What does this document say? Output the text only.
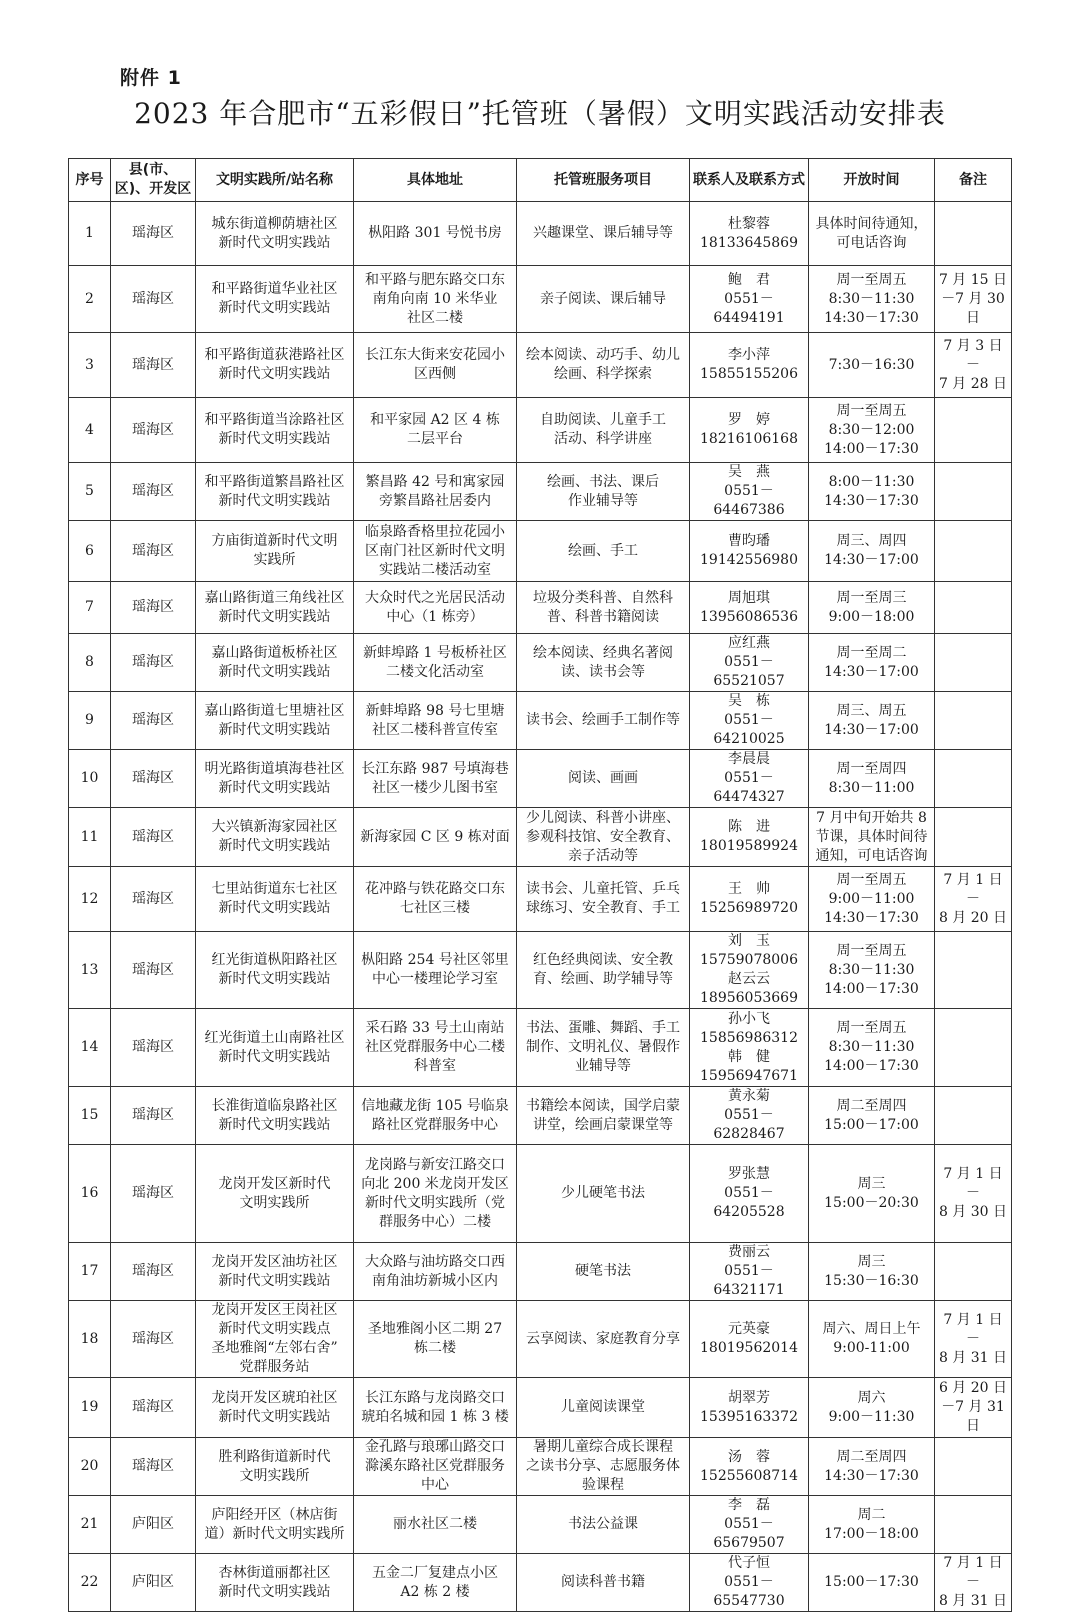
附件 1
2023 年合肥市“五彩假日”托管班（暑假）文明实践活动安排表
序号	县(市、区)、开发区	文明实践所/站名称	具体地址	托管班服务项目	联系人及联系方式	开放时间	备注
1	瑶海区	城东街道柳荫塘社区
新时代文明实践站	枞阳路 301 号悦书房	兴趣课堂、课后辅导等	杜黎蓉
18133645869	具体时间待通知，
可电话咨询	
2	瑶海区	和平路街道华业社区
新时代文明实践站	和平路与肥东路交口东
南角向南 10 米华业
社区二楼	亲子阅读、课后辅导	鲍　君
0551－64494191	周一至周五
8:30－11:30
14:30－17:30	7 月 15 日
－7 月 30
日
3	瑶海区	和平路街道荻港路社区
新时代文明实践站	长江东大街来安花园小
区西侧	绘本阅读、动巧手、幼儿
绘画、科学探索	李小萍
15855155206	7:30－16:30	7 月 3 日－
7 月 28 日
4	瑶海区	和平路街道当涂路社区
新时代文明实践站	和平家园 A2 区 4 栋
二层平台	自助阅读、儿童手工
活动、科学讲座	罗　婷
18216106168	周一至周五
8:30－12:00
14:00－17:30	
5	瑶海区	和平路街道繁昌路社区
新时代文明实践站	繁昌路 42 号和寓家园
旁繁昌路社居委内	绘画、书法、课后
作业辅导等	吴　燕
0551－64467386	8:00－11:30
14:30－17:30	
6	瑶海区	方庙街道新时代文明
实践所	临泉路香格里拉花园小
区南门社区新时代文明
实践站二楼活动室	绘画、手工	曹昀璠
19142556980	周三、周四
14:30－17:00	
7	瑶海区	嘉山路街道三角线社区
新时代文明实践站	大众时代之光居民活动
中心（1 栋旁）	垃圾分类科普、自然科
普、科普书籍阅读	周旭琪
13956086536	周一至周三
9:00－18:00	
8	瑶海区	嘉山路街道板桥社区
新时代文明实践站	新蚌埠路 1 号板桥社区
二楼文化活动室	绘本阅读、经典名著阅
读、读书会等	应红燕
0551－65521057	周一至周二
14:30－17:00	
9	瑶海区	嘉山路街道七里塘社区
新时代文明实践站	新蚌埠路 98 号七里塘
社区二楼科普宣传室	读书会、绘画手工制作等	吴　栋
0551－64210025	周三、周五
14:30－17:00	
10	瑶海区	明光路街道填海巷社区
新时代文明实践站	长江东路 987 号填海巷
社区一楼少儿图书室	阅读、画画	李晨晨
0551－64474327	周一至周四
8:30－11:00	
11	瑶海区	大兴镇新海家园社区
新时代文明实践站	新海家园 C 区 9 栋对面	少儿阅读、科普小讲座、
参观科技馆、安全教育、
亲子活动等	陈　进
18019589924	7 月中旬开始共 8
节课，具体时间待
通知，可电话咨询	
12	瑶海区	七里站街道东七社区
新时代文明实践站	花冲路与铁花路交口东
七社区三楼	读书会、儿童托管、乒乓
球练习、安全教育、手工	王　帅
15256989720	周一至周五
9:00－11:00
14:30－17:30	7 月 1 日－
8 月 20 日
13	瑶海区	红光街道枞阳路社区
新时代文明实践站	枞阳路 254 号社区邻里
中心一楼理论学习室	红色经典阅读、安全教
育、绘画、助学辅导等	刘　玉
15759078006
赵云云
18956053669	周一至周五
8:30－11:30
14:00－17:30	
14	瑶海区	红光街道土山南路社区
新时代文明实践站	采石路 33 号土山南站
社区党群服务中心二楼
科普室	书法、蛋雕、舞蹈、手工
制作、文明礼仪、暑假作
业辅导等	孙小飞
15856986312
韩　健
15956947671	周一至周五
8:30－11:30
14:00－17:30	
15	瑶海区	长淮街道临泉路社区
新时代文明实践站	信地藏龙街 105 号临泉
路社区党群服务中心	书籍绘本阅读，国学启蒙
讲堂，绘画启蒙课堂等	黄永菊
0551－62828467	周二至周四
15:00－17:00	
16	瑶海区	龙岗开发区新时代
文明实践所	龙岗路与新安江路交口
向北 200 米龙岗开发区
新时代文明实践所（党
群服务中心）二楼	少儿硬笔书法	罗张慧
0551－64205528	周三
15:00－20:30	7 月 1 日－
8 月 30 日
17	瑶海区	龙岗开发区油坊社区
新时代文明实践站	大众路与油坊路交口西
南角油坊新城小区内	硬笔书法	费丽云
0551－64321171	周三
15:30－16:30	
18	瑶海区	龙岗开发区王岗社区
新时代文明实践点
圣地雅阁“左邻右舍”
党群服务站	圣地雅阁小区二期 27
栋二楼	云享阅读、家庭教育分享	元英豪
18019562014	周六、周日上午
9:00-11:00	7 月 1 日－
8 月 31 日
19	瑶海区	龙岗开发区琥珀社区
新时代文明实践站	长江东路与龙岗路交口
琥珀名城和园 1 栋 3 楼	儿童阅读课堂	胡翠芳
15395163372	周六
9:00－11:30	6 月 20 日
－7 月 31
日
20	瑶海区	胜利路街道新时代
文明实践所	金孔路与琅琊山路交口
滁溪东路社区党群服务
中心	暑期儿童综合成长课程
之读书分享、志愿服务体
验课程	汤　蓉
15255608714	周二至周四
14:30－17:30	
21	庐阳区	庐阳经开区（林店街
道）新时代文明实践所	丽水社区二楼	书法公益课	李　磊
0551－65679507	周二
17:00－18:00	
22	庐阳区	杏林街道丽都社区
新时代文明实践站	五金二厂复建点小区
A2 栋 2 楼	阅读科普书籍	代子恒
0551－65547730	15:00－17:30	7 月 1 日－
8 月 31 日
